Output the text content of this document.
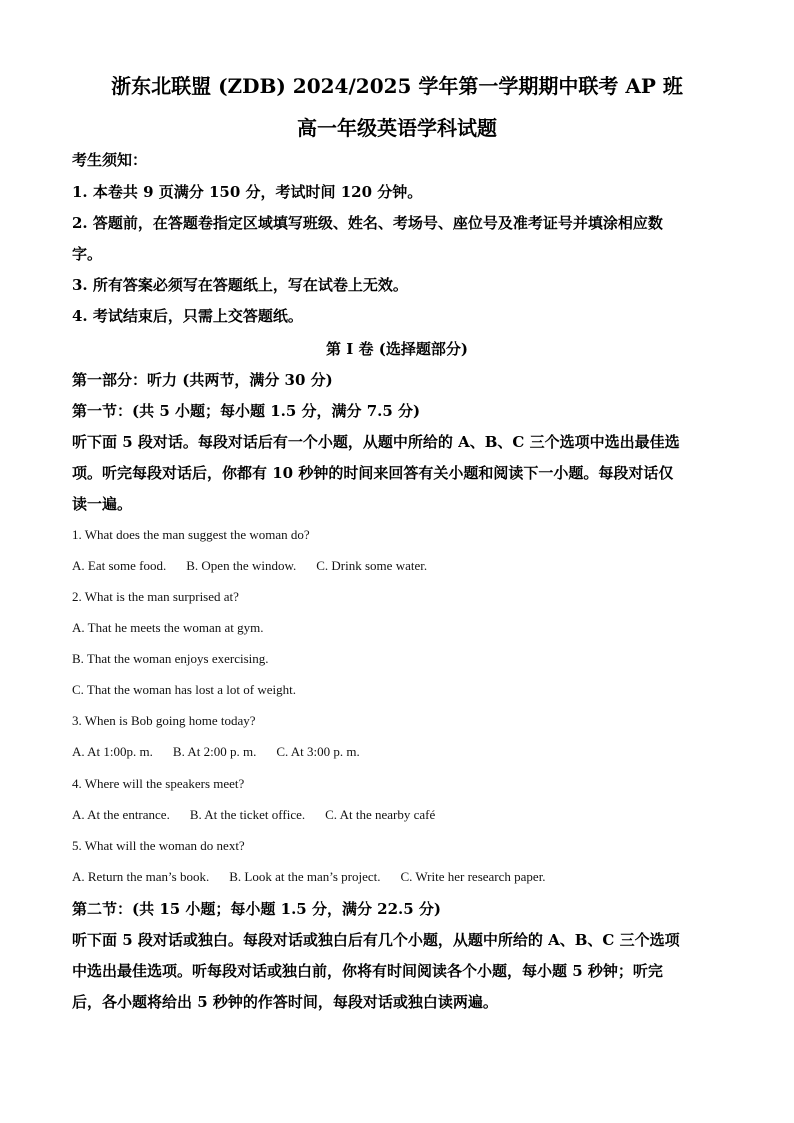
浙东北联盟 (ZDB) 2024/2025 学年第一学期期中联考 AP 班
高一年级英语学科试题
考生须知：
1. 本卷共 9 页满分 150 分，考试时间 120 分钟。
2. 答题前，在答题卷指定区域填写班级、姓名、考场号、座位号及准考证号并填涂相应数
字。
3. 所有答案必须写在答题纸上，写在试卷上无效。
4. 考试结束后，只需上交答题纸。
第 I 卷 (选择题部分)
第一部分：听力 (共两节，满分 30 分)
第一节：(共 5 小题；每小题 1.5 分，满分 7.5 分)
听下面 5 段对话。每段对话后有一个小题，从题中所给的 A、B、C 三个选项中选出最佳选
项。听完每段对话后，你都有 10 秒钟的时间来回答有关小题和阅读下一小题。每段对话仅
读一遍。
1. What does the man suggest the woman do?
A. Eat some food. B. Open the window. C. Drink some water.
2. What is the man surprised at?
A. That he meets the woman at gym.
B. That the woman enjoys exercising.
C. That the woman has lost a lot of weight.
3. When is Bob going home today?
A. At 1:00p. m. B. At 2:00 p. m. C. At 3:00 p. m.
4. Where will the speakers meet?
A. At the entrance. B. At the ticket office. C. At the nearby café
5. What will the woman do next?
A. Return the man’s book. B. Look at the man’s project. C. Write her research paper.
第二节：(共 15 小题；每小题 1.5 分，满分 22.5 分)
听下面 5 段对话或独白。每段对话或独白后有几个小题，从题中所给的 A、B、C 三个选项
中选出最佳选项。听每段对话或独白前，你将有时间阅读各个小题，每小题 5 秒钟；听完
后，各小题将给出 5 秒钟的作答时间，每段对话或独白读两遍。
